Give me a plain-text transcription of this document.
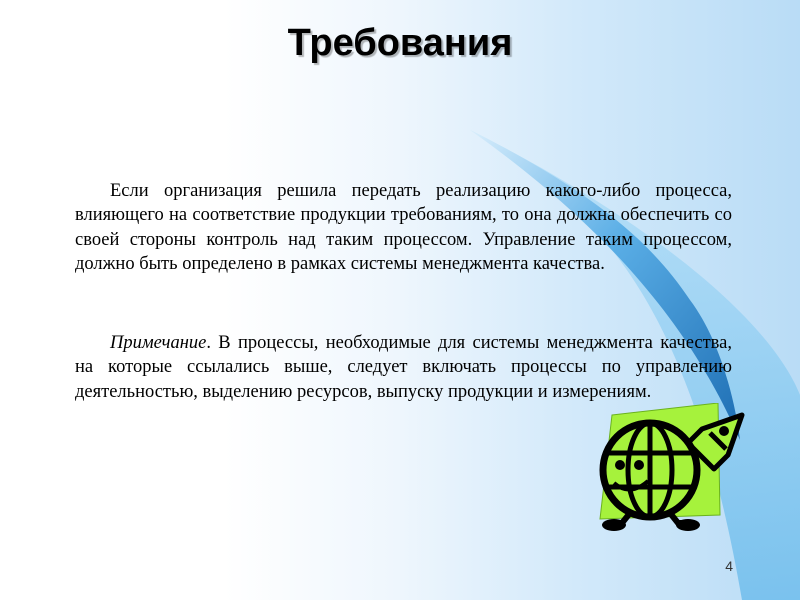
Требования

Если организация решила передать реализацию какого-либо процесса, влияющего на соответствие продукции требованиям, то она должна обеспечить со своей стороны контроль над таким процессом. Управление таким процессом, должно быть определено в рамках системы менеджмента качества.

Примечание. В процессы, необходимые для системы менеджмента качества, на которые ссылались выше, следует включать процессы по управлению деятельностью, выделению ресурсов, выпуску продукции и измерениям.

4
